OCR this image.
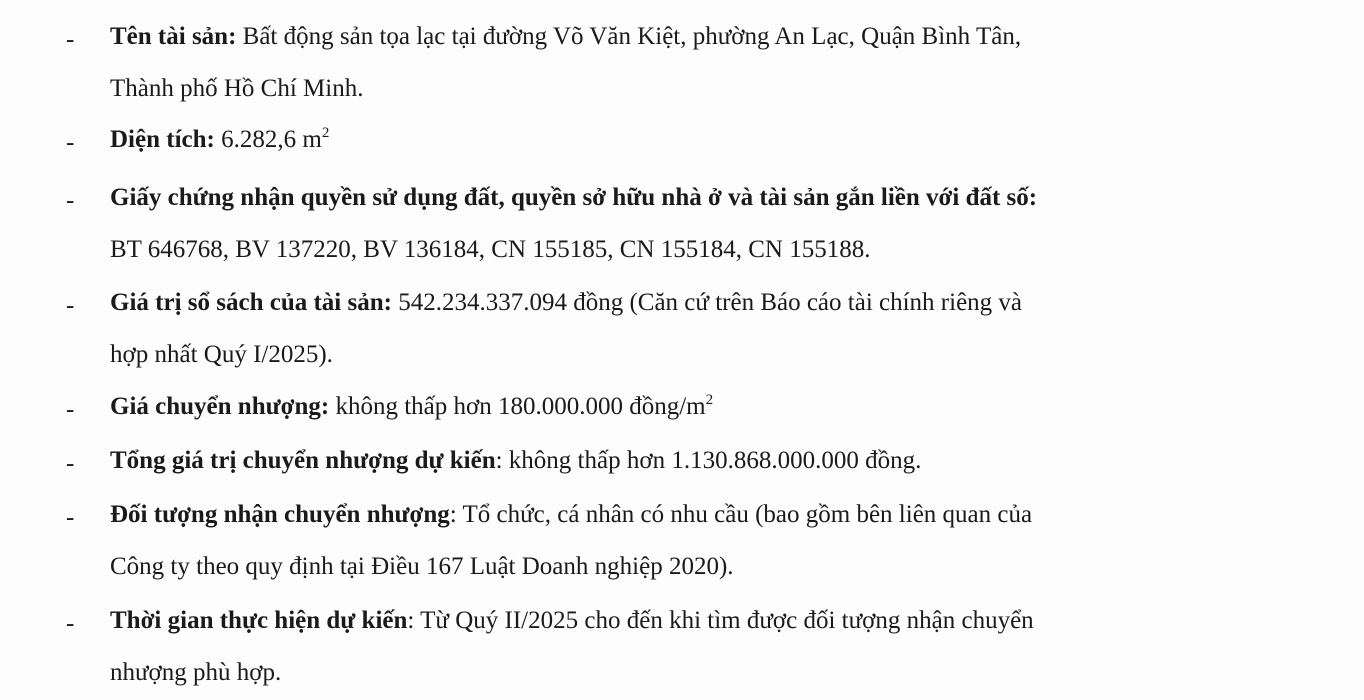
- Tên tài sản: Bất động sản tọa lạc tại đường Võ Văn Kiệt, phường An Lạc, Quận Bình Tân,
Thành phố Hồ Chí Minh.
- Diện tích: 6.282,6 $m^2$
- Giấy chứng nhận quyền sử dụng đất, quyền sở hữu nhà ở và tài sản gắn liền với đất số:
BT 646768, BV 137220, BV 136184, CN 155185, CN 155184, CN 155188.
- Giá trị sổ sách của tài sản: 542.234.337.094 đồng (Căn cứ trên Báo cáo tài chính riêng và
hợp nhất Quý I/2025).
- Giá chuyển nhượng: không thấp hơn 180.000.000 đồng/$m^2$
- Tổng giá trị chuyển nhượng dự kiến: không thấp hơn 1.130.868.000.000 đồng.
- Đối tượng nhận chuyển nhượng: Tổ chức, cá nhân có nhu cầu (bao gồm bên liên quan của
Công ty theo quy định tại Điều 167 Luật Doanh nghiệp 2020).
- Thời gian thực hiện dự kiến: Từ Quý II/2025 cho đến khi tìm được đối tượng nhận chuyển
nhượng phù hợp.
